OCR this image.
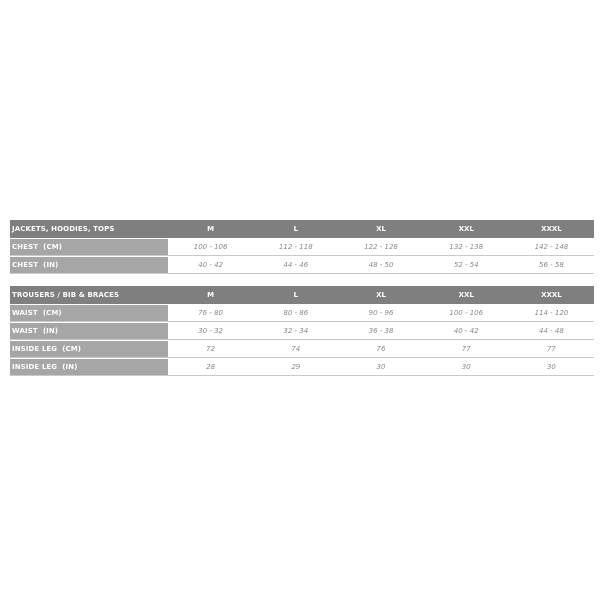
JACKETS, HOODIES, TOPS	M	L	XL	XXL	XXXL
CHEST  (CM)	100 - 106	112 - 118	122 - 128	132 - 138	142 - 148
CHEST  (IN)	40 - 42	44 - 46	48 - 50	52 - 54	56 - 58
TROUSERS / BIB & BRACES	M	L	XL	XXL	XXXL
WAIST  (CM)	76 - 80	80 - 86	90 - 96	100 - 106	114 - 120
WAIST  (IN)	30 - 32	32 - 34	36 - 38	40 - 42	44 - 48
INSIDE LEG  (CM)	72	74	76	77	77
INSIDE LEG  (IN)	28	29	30	30	30
